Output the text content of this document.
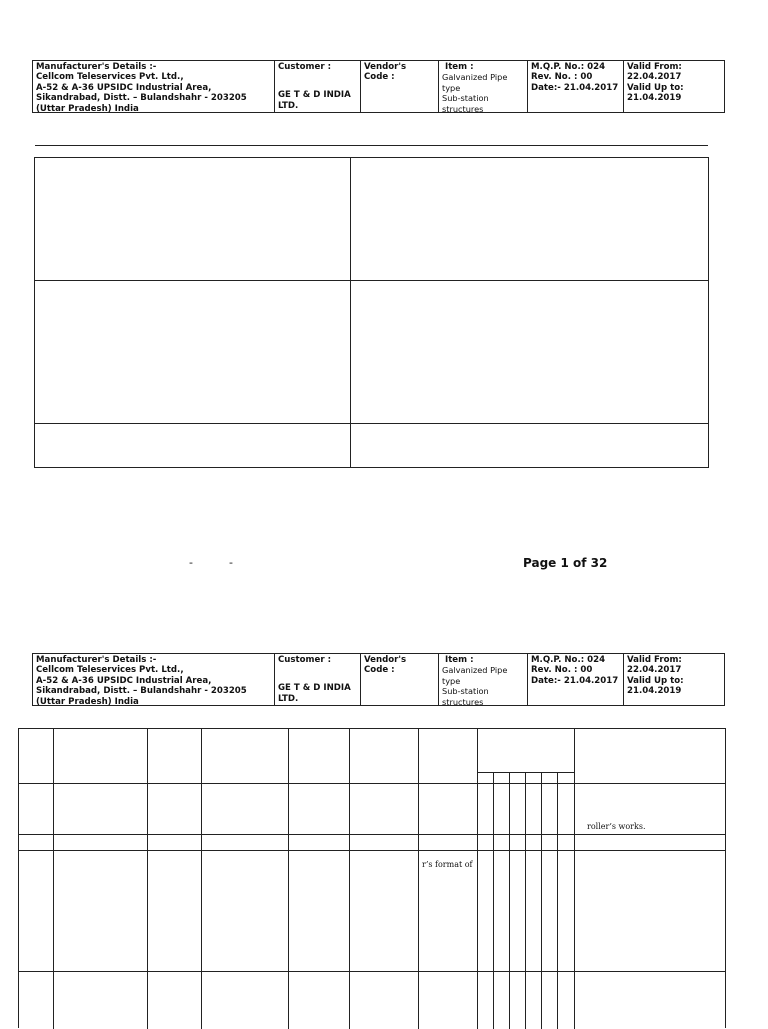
Manufacturer's Details :-
Cellcom Teleservices Pvt. Ltd.,
A-52 & A-36 UPSIDC Industrial Area,
Sikandrabad, Distt. – Bulandshahr - 203205
(Uttar Pradesh) India
Customer :
GE T & D INDIA
LTD.
Vendor's
Code :
Item :
Galvanized Pipe type
Sub-station
structures
M.Q.P. No.: 024
Rev. No. : 00
Date:- 21.04.2017
Valid From: 22.04.2017
Valid Up to: 21.04.2019
-	-	Page 1 of 32
Manufacturer's Details :-
Cellcom Teleservices Pvt. Ltd.,
A-52 & A-36 UPSIDC Industrial Area,
Sikandrabad, Distt. – Bulandshahr - 203205
(Uttar Pradesh) India
Customer :
GE T & D INDIA
LTD.
Vendor's
Code :
Item :
Galvanized Pipe type
Sub-station
structures
M.Q.P. No.: 024
Rev. No. : 00
Date:- 21.04.2017
Valid From: 22.04.2017
Valid Up to: 21.04.2019
roller’s works.
r’s format of
